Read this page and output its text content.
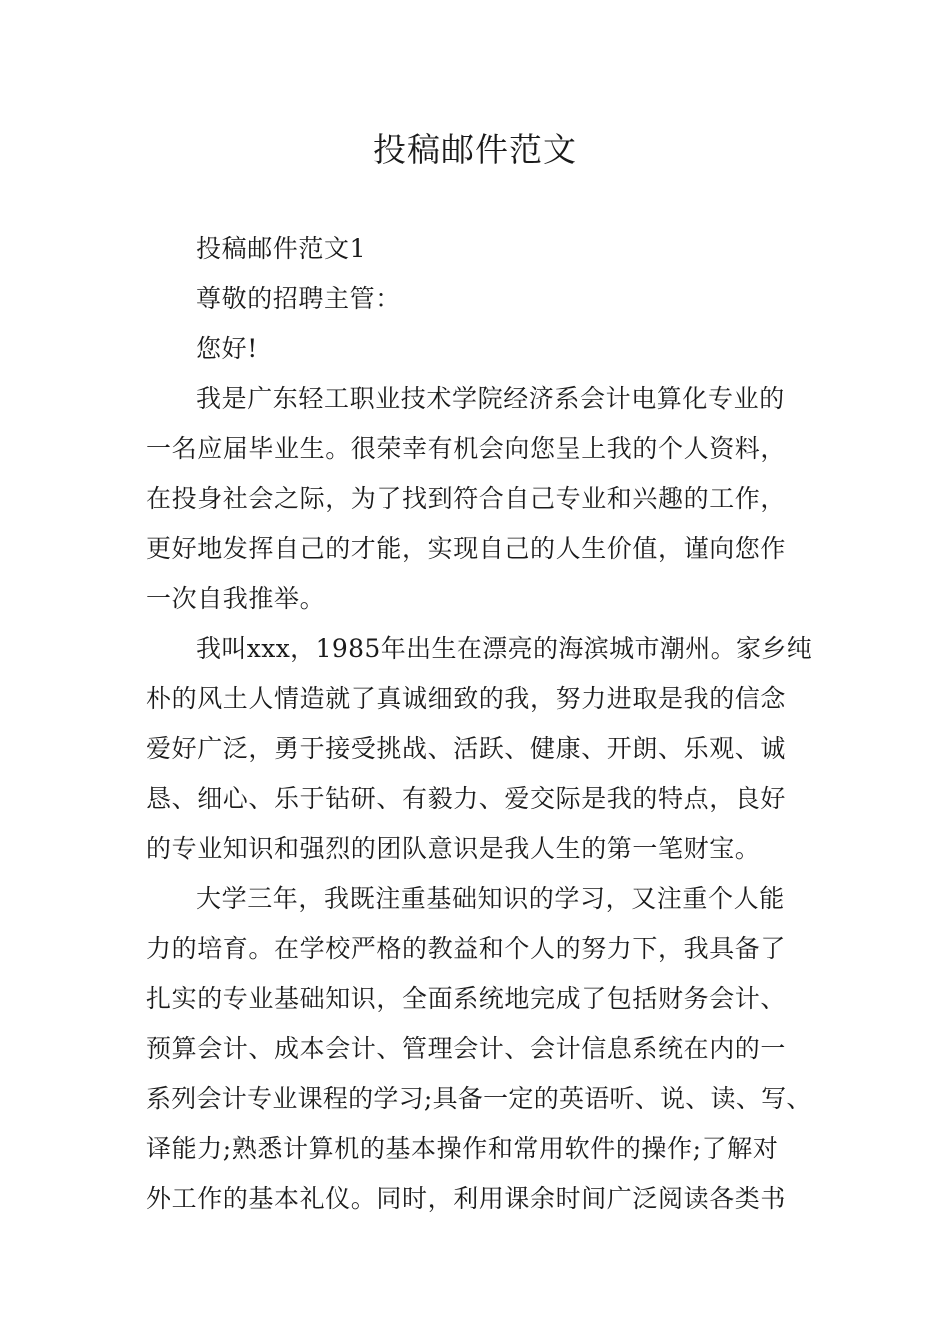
投稿邮件范文
投稿邮件范文1
尊敬的招聘主管：
您好!
我是广东轻工职业技术学院经济系会计电算化专业的
一名应届毕业生。很荣幸有机会向您呈上我的个人资料，
在投身社会之际，为了找到符合自己专业和兴趣的工作，
更好地发挥自己的才能，实现自己的人生价值，谨向您作
一次自我推举。
我叫xxx，1985年出生在漂亮的海滨城市潮州。家乡纯
朴的风土人情造就了真诚细致的我，努力进取是我的信念
爱好广泛，勇于接受挑战、活跃、健康、开朗、乐观、诚
恳、细心、乐于钻研、有毅力、爱交际是我的特点，良好
的专业知识和强烈的团队意识是我人生的第一笔财宝。
大学三年，我既注重基础知识的学习，又注重个人能
力的培育。在学校严格的教益和个人的努力下，我具备了
扎实的专业基础知识，全面系统地完成了包括财务会计、
预算会计、成本会计、管理会计、会计信息系统在内的一
系列会计专业课程的学习;具备一定的英语听、说、读、写、
译能力;熟悉计算机的基本操作和常用软件的操作;了解对
外工作的基本礼仪。同时，利用课余时间广泛阅读各类书
